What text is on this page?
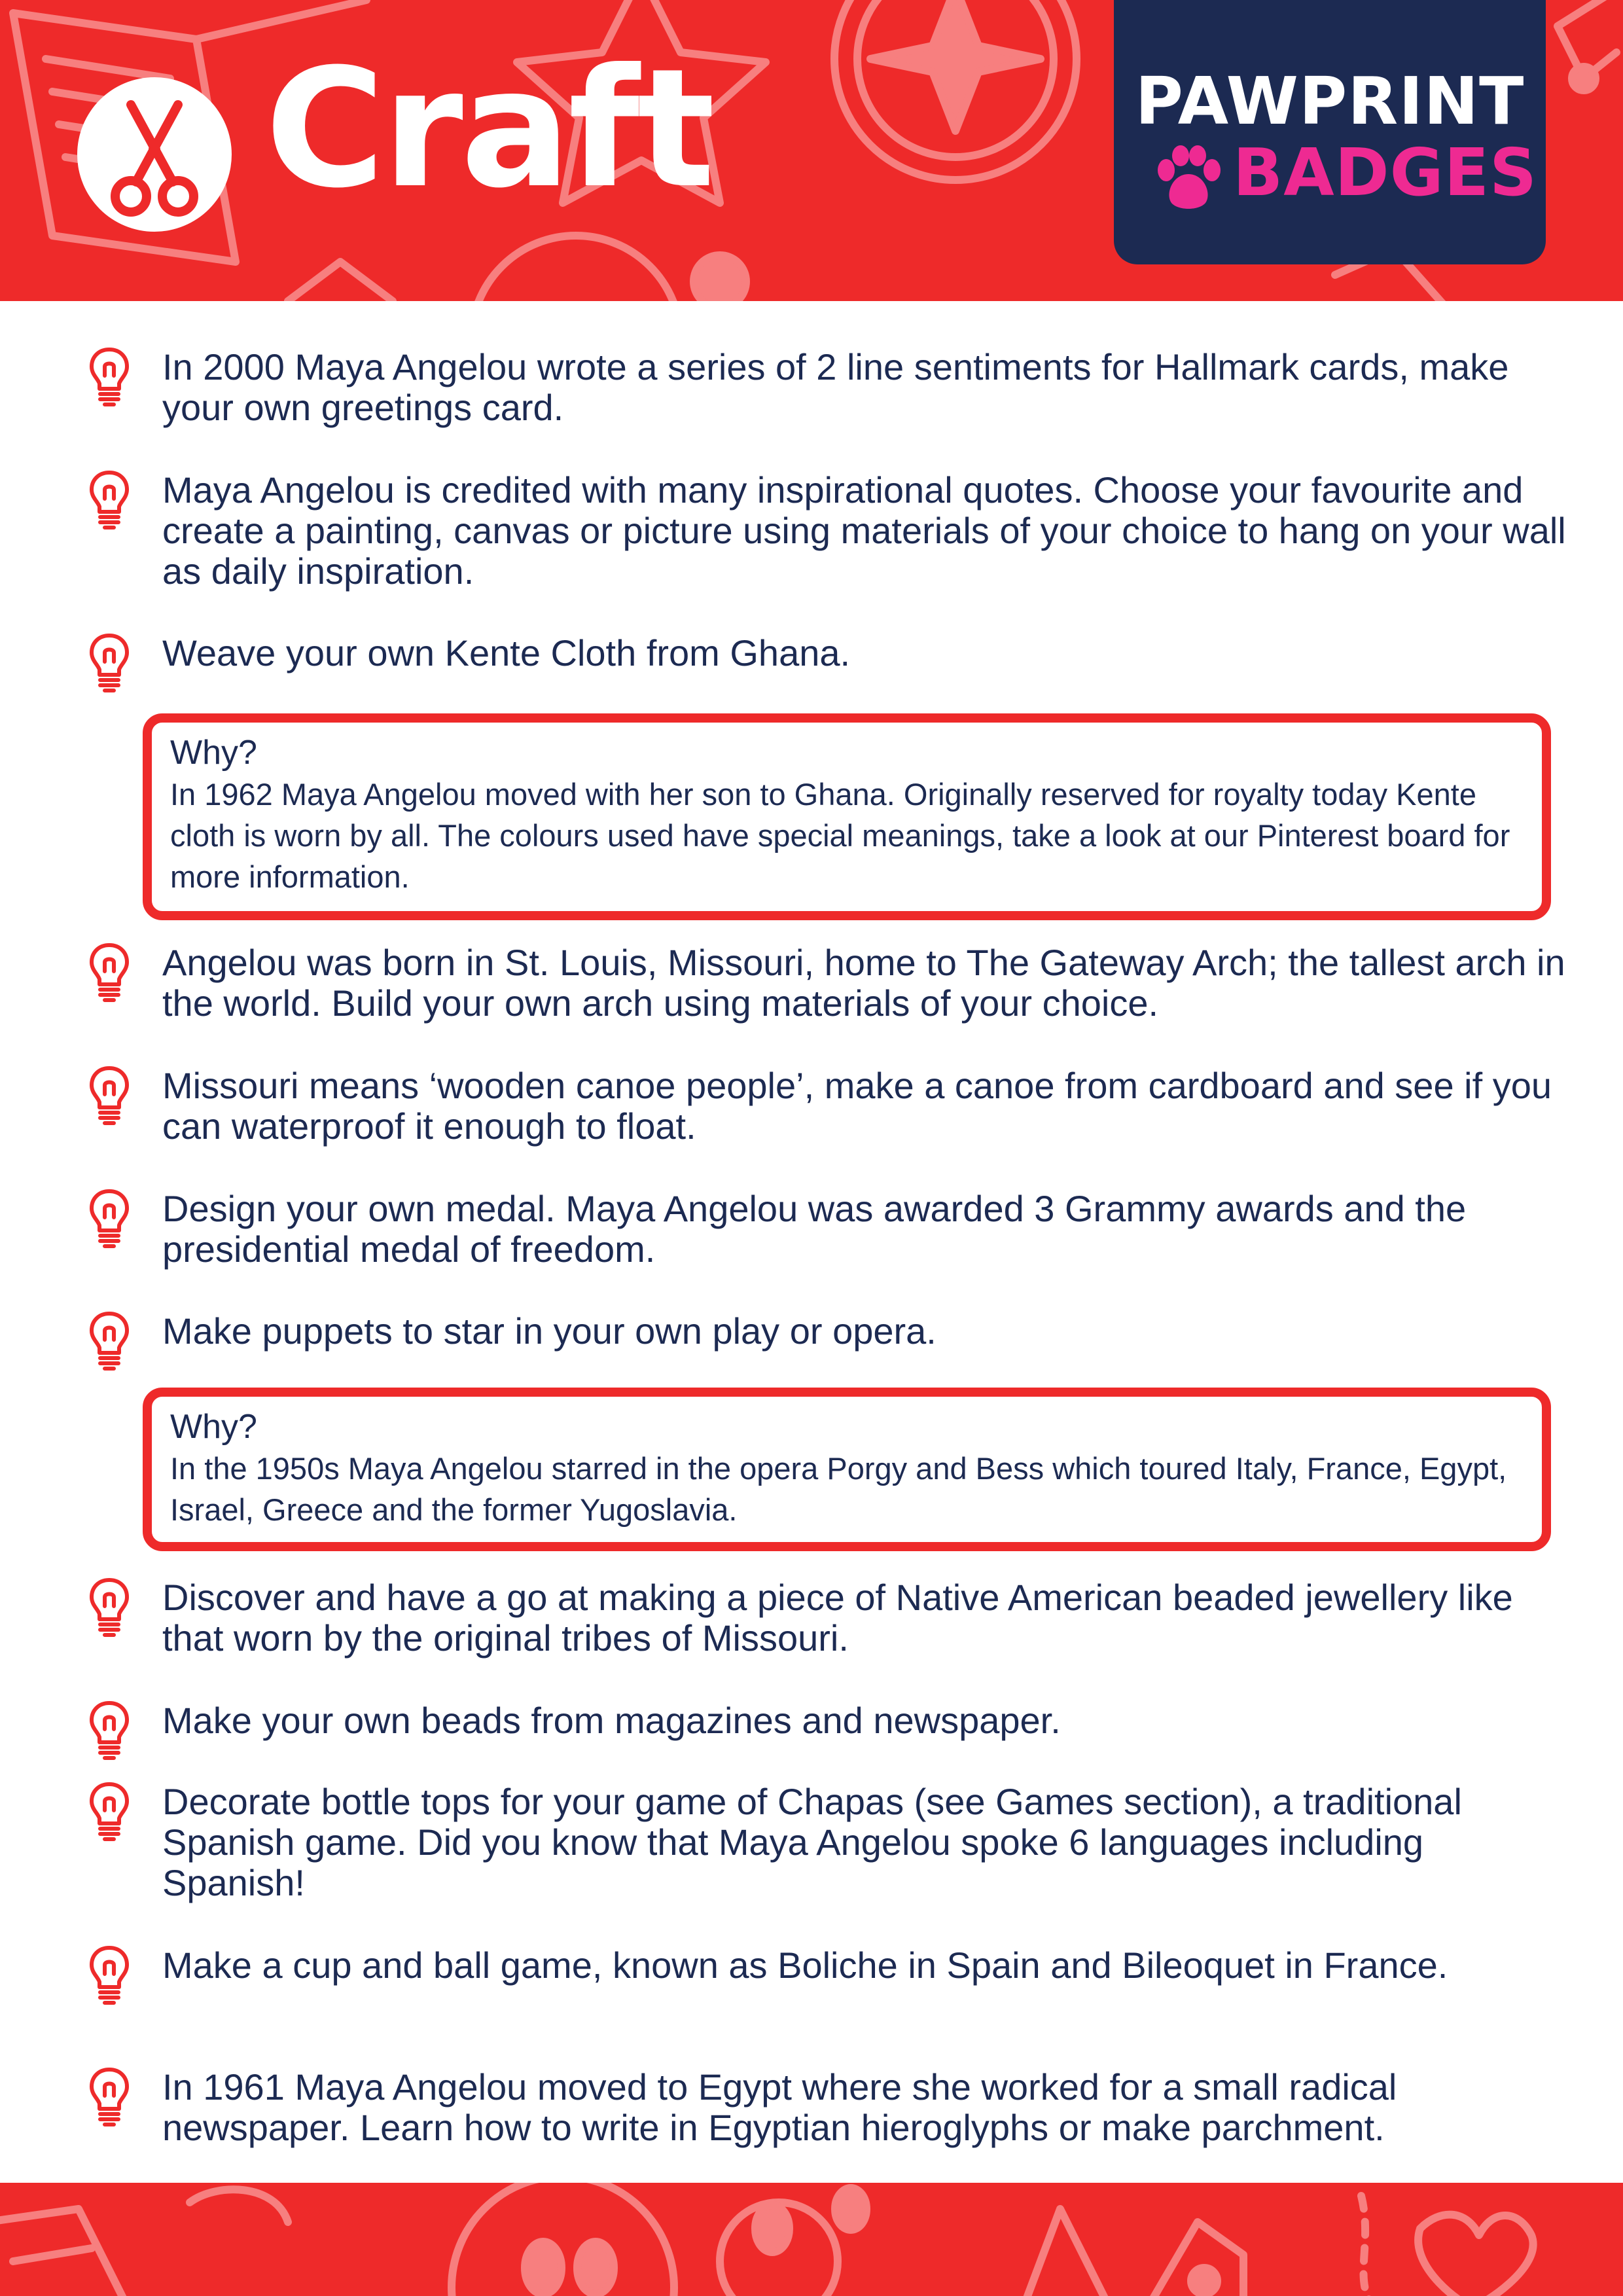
Craft	PAWPRINT
BADGES

In 2000 Maya Angelou wrote a series of 2 line sentiments for Hallmark cards, make your own greetings card.

Maya Angelou is credited with many inspirational quotes. Choose your favourite and create a painting, canvas or picture using materials of your choice to hang on your wall as daily inspiration.

Weave your own Kente Cloth from Ghana.

Why?
In 1962 Maya Angelou moved with her son to Ghana. Originally reserved for royalty today Kente cloth is worn by all. The colours used have special meanings, take a look at our Pinterest board for more information.

Angelou was born in St. Louis, Missouri, home to The Gateway Arch; the tallest arch in the world. Build your own arch using materials of your choice.

Missouri means ‘wooden canoe people’, make a canoe from cardboard and see if you can waterproof it enough to float.

Design your own medal. Maya Angelou was awarded 3 Grammy awards and the presidential medal of freedom.

Make puppets to star in your own play or opera.

Why?
In the 1950s Maya Angelou starred in the opera Porgy and Bess which toured Italy, France, Egypt, Israel, Greece and the former Yugoslavia.

Discover and have a go at making a piece of Native American beaded jewellery like that worn by the original tribes of Missouri.

Make your own beads from magazines and newspaper.

Decorate bottle tops for your game of Chapas (see Games section), a traditional Spanish game. Did you know that Maya Angelou spoke 6 languages including Spanish!

Make a cup and ball game, known as Boliche in Spain and Bileoquet in France.

In 1961 Maya Angelou moved to Egypt where she worked for a small radical newspaper. Learn how to write in Egyptian hieroglyphs or make parchment.
